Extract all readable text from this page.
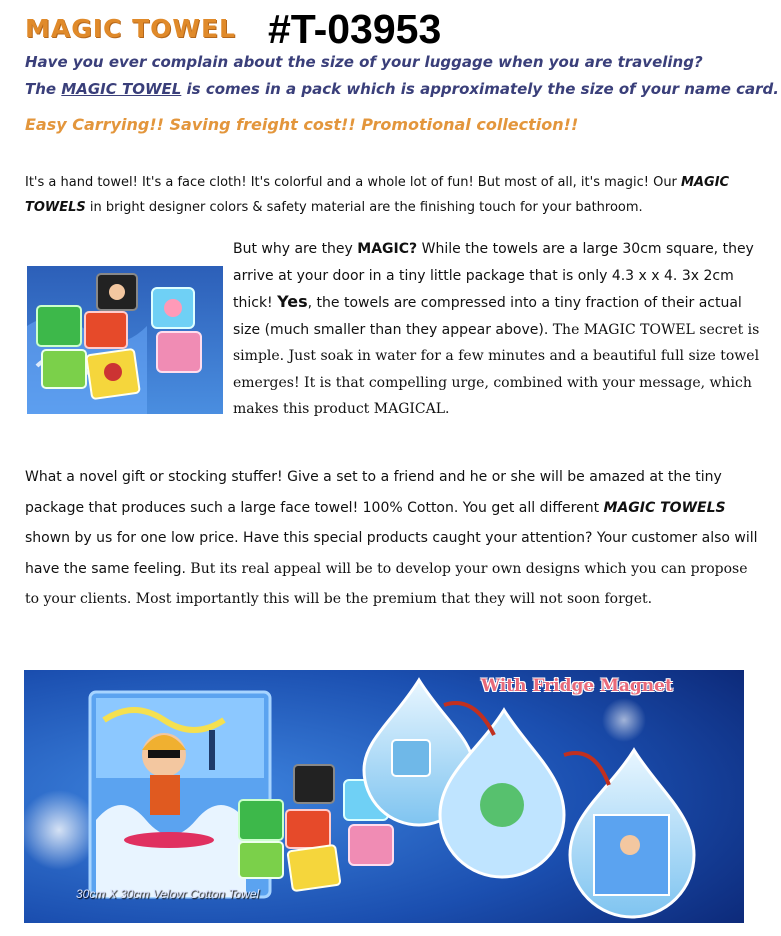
MAGIC TOWEL #T-03953
Have you ever complain about the size of your luggage when you are traveling?
The MAGIC TOWEL is comes in a pack which is approximately the size of your name card.
Easy Carrying!! Saving freight cost!! Promotional collection!!
It's a hand towel! It's a face cloth! It's colorful and a whole lot of fun! But most of all, it's magic! Our MAGIC TOWELS in bright designer colors & safety material are the finishing touch for your bathroom.
But why are they MAGIC? While the towels are a large 30cm square, they arrive at your door in a tiny little package that is only 4.3 x x 4. 3x 2cm thick! Yes, the towels are compressed into a tiny fraction of their actual size (much smaller than they appear above). The MAGIC TOWEL secret is simple. Just soak in water for a few minutes and a beautiful full size towel emerges! It is that compelling urge, combined with your message, which makes this product MAGICAL.
What a novel gift or stocking stuffer! Give a set to a friend and he or she will be amazed at the tiny package that produces such a large face towel! 100% Cotton. You get all different MAGIC TOWELS shown by us for one low price. Have this special products caught your attention? Your customer also will have the same feeling. But its real appeal will be to develop your own designs which you can propose to your clients. Most importantly this will be the premium that they will not soon forget.
With Fridge Magnet
30cm X 30cm Velovr Cotton Towel
